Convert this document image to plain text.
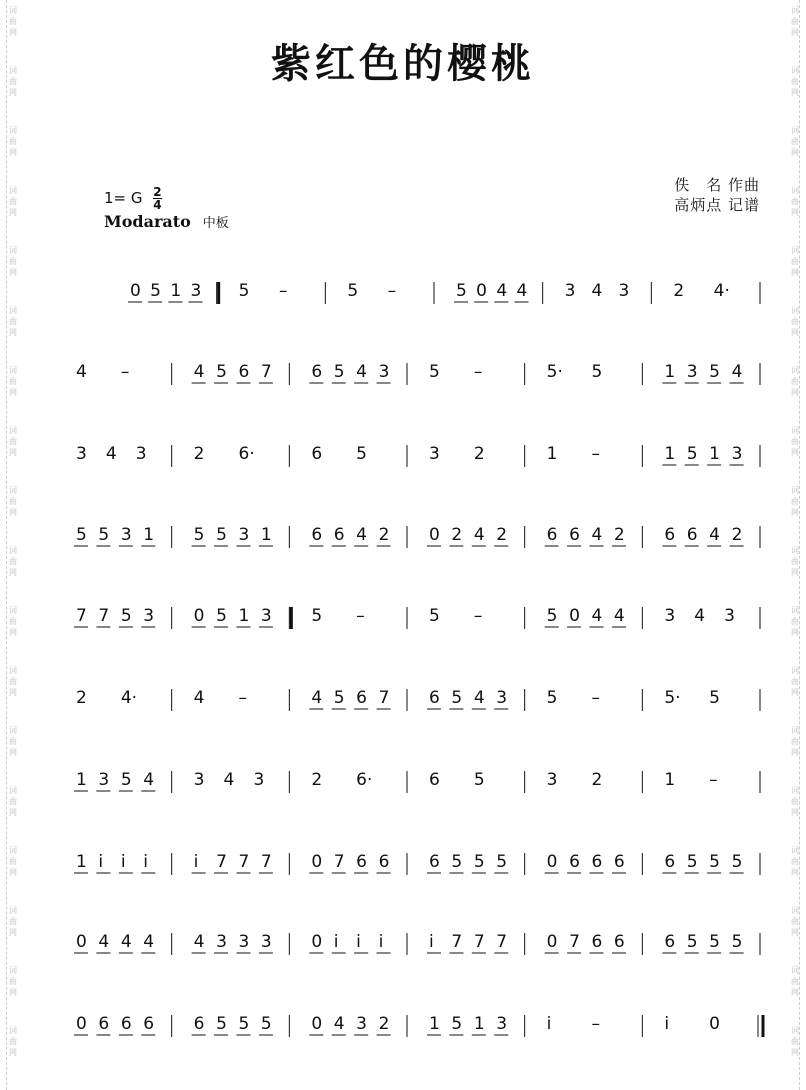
紫红色的樱桃
1= G $\frac{2}{4}$
Modarato 中板
佚　名 作曲
高炳点 记谱
0 5 1 3 5 –	5 –	5 0 4 4 3 4 3	2 4·
4 –	4 5 6 7 6 5 4 3 5 –	5· 5	1 3 5 4
3 4 3	2 6·	6 5	3 2	1 –	1 5 1 3
5 5 3 1 5 5 3 1 6 6 4 2 0 2 4 2 6 6 4 2 6 6 4 2
7 7 5 3 0 5 1 3 5 –	5 –	5 0 4 4 3 4 3
2 4·	4 –	4 5 6 7 6 5 4 3 5 –	5· 5
1 3 5 4 3 4 3	2 6·	6 5	3 2	1 –
1 i i i	i 7 7 7 0 7 6 6 6 5 5 5 0 6 6 6 6 5 5 5
0 4 4 4 4 3 3 3 0 i i i	i 7 7 7 0 7 6 6 6 5 5 5
0 6 6 6 6 5 5 5 0 4 3 2 1 5 1 3 i –	i 0
词
曲
网
词
曲
网
词
曲
网
词
曲
网
词
曲
网
词
曲
网
词
曲
网
词
曲
网
词
曲
网
词
曲
网
词
曲
网
词
曲
网
词
曲
网
词
曲
网
词
曲
网
词
曲
网
词
曲
网
词
曲
网
词
曲
网
词
曲
网
词
曲
网
词
曲
网
词
曲
网
词
曲
网
词
曲
网
词
曲
网
词
曲
网
词
曲
网
词
曲
网
词
曲
网
词
曲
网
词
曲
网
词
曲
网
词
曲
网
词
曲
网
词
曲
网
